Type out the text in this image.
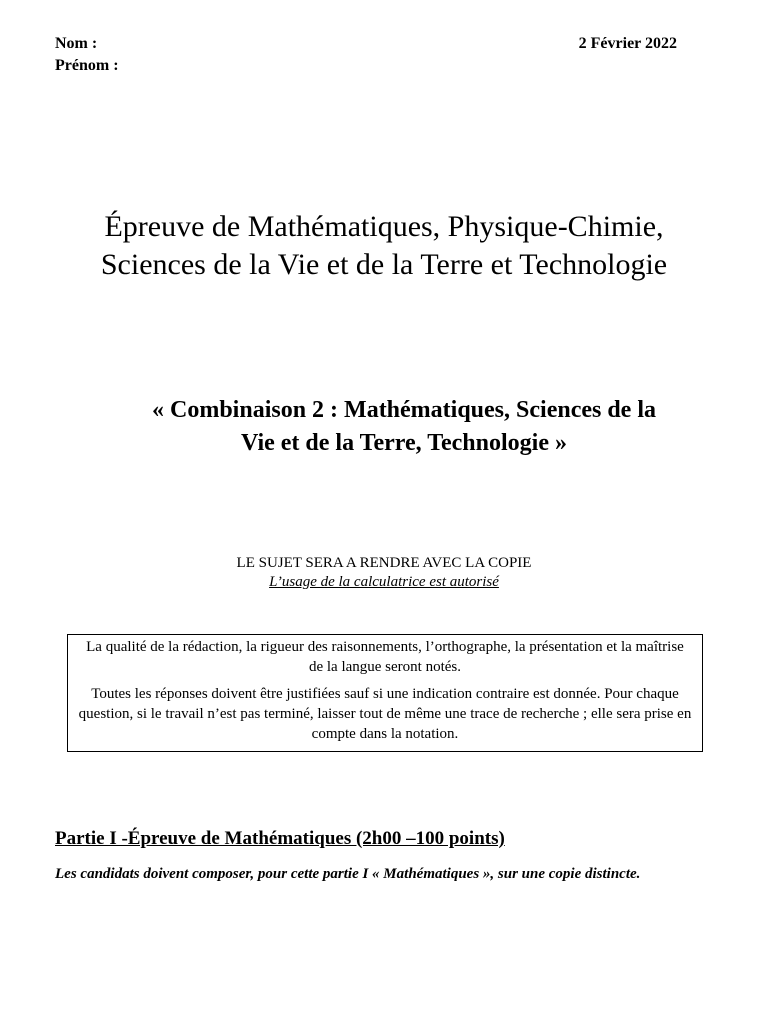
Nom :
Prénom :
2 Février 2022
Épreuve de Mathématiques, Physique-Chimie,
Sciences de la Vie et de la Terre et Technologie
« Combinaison 2 : Mathématiques, Sciences de la
Vie et de la Terre, Technologie »
LE SUJET SERA A RENDRE AVEC LA COPIE
L’usage de la calculatrice est autorisé

La qualité de la rédaction, la rigueur des raisonnements, l’orthographe, la présentation et la maîtrise de la langue seront notés.

Toutes les réponses doivent être justifiées sauf si une indication contraire est donnée. Pour chaque question, si le travail n’est pas terminé, laisser tout de même une trace de recherche ; elle sera prise en compte dans la notation.

Partie I -Épreuve de Mathématiques (2h00 –100 points)
Les candidats doivent composer, pour cette partie I « Mathématiques », sur une copie distincte.
